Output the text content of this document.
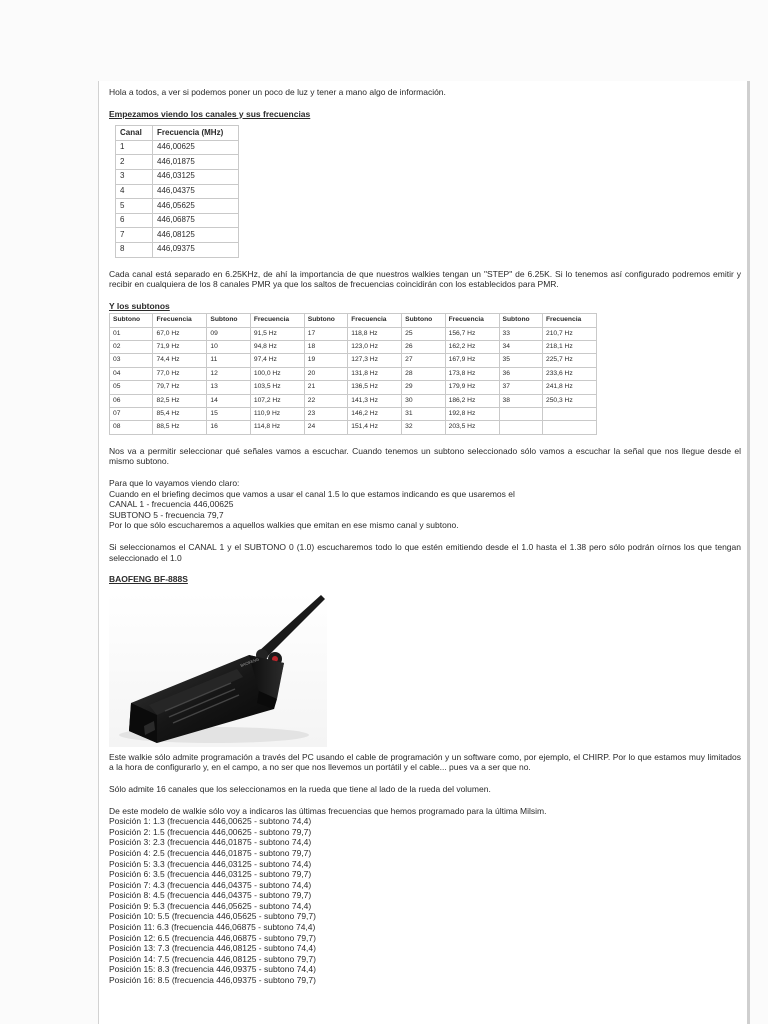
Hola a todos, a ver si podemos poner un poco de luz y tener a mano algo de información.

Empezamos viendo los canales y sus frecuencias

Canal	Frecuencia (MHz)
1	446,00625
2	446,01875
3	446,03125
4	446,04375
5	446,05625
6	446,06875
7	446,08125
8	446,09375

Cada canal está separado en 6.25KHz, de ahí la importancia de que nuestros walkies tengan un "STEP" de 6.25K. Si lo tenemos así configurado podremos emitir y recibir en cualquiera de los 8 canales PMR ya que los saltos de frecuencias coincidirán con los establecidos para PMR.

Y los subtonos

Subtono	Frecuencia	Subtono	Frecuencia	Subtono	Frecuencia	Subtono	Frecuencia	Subtono	Frecuencia
01	67,0 Hz	09	91,5 Hz	17	118,8 Hz	25	156,7 Hz	33	210,7 Hz
02	71,9 Hz	10	94,8 Hz	18	123,0 Hz	26	162,2 Hz	34	218,1 Hz
03	74,4 Hz	11	97,4 Hz	19	127,3 Hz	27	167,9 Hz	35	225,7 Hz
04	77,0 Hz	12	100,0 Hz	20	131,8 Hz	28	173,8 Hz	36	233,6 Hz
05	79,7 Hz	13	103,5 Hz	21	136,5 Hz	29	179,9 Hz	37	241,8 Hz
06	82,5 Hz	14	107,2 Hz	22	141,3 Hz	30	186,2 Hz	38	250,3 Hz
07	85,4 Hz	15	110,9 Hz	23	146,2 Hz	31	192,8 Hz		
08	88,5 Hz	16	114,8 Hz	24	151,4 Hz	32	203,5 Hz		

Nos va a permitir seleccionar qué señales vamos a escuchar. Cuando tenemos un subtono seleccionado sólo vamos a escuchar la señal que nos llegue desde el mismo subtono.

Para que lo vayamos viendo claro:

Cuando en el briefing decimos que vamos a usar el canal 1.5 lo que estamos indicando es que usaremos el

CANAL 1 - frecuencia 446,00625

SUBTONO 5 - frecuencia 79,7

Por lo que sólo escucharemos a aquellos walkies que emitan en ese mismo canal y subtono.

Si seleccionamos el CANAL 1 y el SUBTONO 0 (1.0) escucharemos todo lo que estén emitiendo desde el 1.0 hasta el 1.38 pero sólo podrán oírnos los que tengan seleccionado el 1.0

BAOFENG BF-888S

BAOFENG

Este walkie sólo admite programación a través del PC usando el cable de programación y un software como, por ejemplo, el CHIRP. Por lo que estamos muy limitados a la hora de configurarlo y, en el campo, a no ser que nos llevemos un portátil y el cable... pues va a ser que no.

Sólo admite 16 canales que los seleccionamos en la rueda que tiene al lado de la rueda del volumen.

De este modelo de walkie sólo voy a indicaros las últimas frecuencias que hemos programado para la última Milsim.

Posición 1: 1.3 (frecuencia 446,00625 - subtono 74,4)

Posición 2: 1.5 (frecuencia 446,00625 - subtono 79,7)

Posición 3: 2.3 (frecuencia 446,01875 - subtono 74,4)

Posición 4: 2.5 (frecuencia 446,01875 - subtono 79,7)

Posición 5: 3.3 (frecuencia 446,03125 - subtono 74,4)

Posición 6: 3.5 (frecuencia 446,03125 - subtono 79,7)

Posición 7: 4.3 (frecuencia 446,04375 - subtono 74,4)

Posición 8: 4.5 (frecuencia 446,04375 - subtono 79,7)

Posición 9: 5.3 (frecuencia 446,05625 - subtono 74,4)

Posición 10: 5.5 (frecuencia 446,05625 - subtono 79,7)

Posición 11: 6.3 (frecuencia 446,06875 - subtono 74,4)

Posición 12: 6.5 (frecuencia 446,06875 - subtono 79,7)

Posición 13: 7.3 (frecuencia 446,08125 - subtono 74,4)

Posición 14: 7.5 (frecuencia 446,08125 - subtono 79,7)

Posición 15: 8.3 (frecuencia 446,09375 - subtono 74,4)

Posición 16: 8.5 (frecuencia 446,09375 - subtono 79,7)
